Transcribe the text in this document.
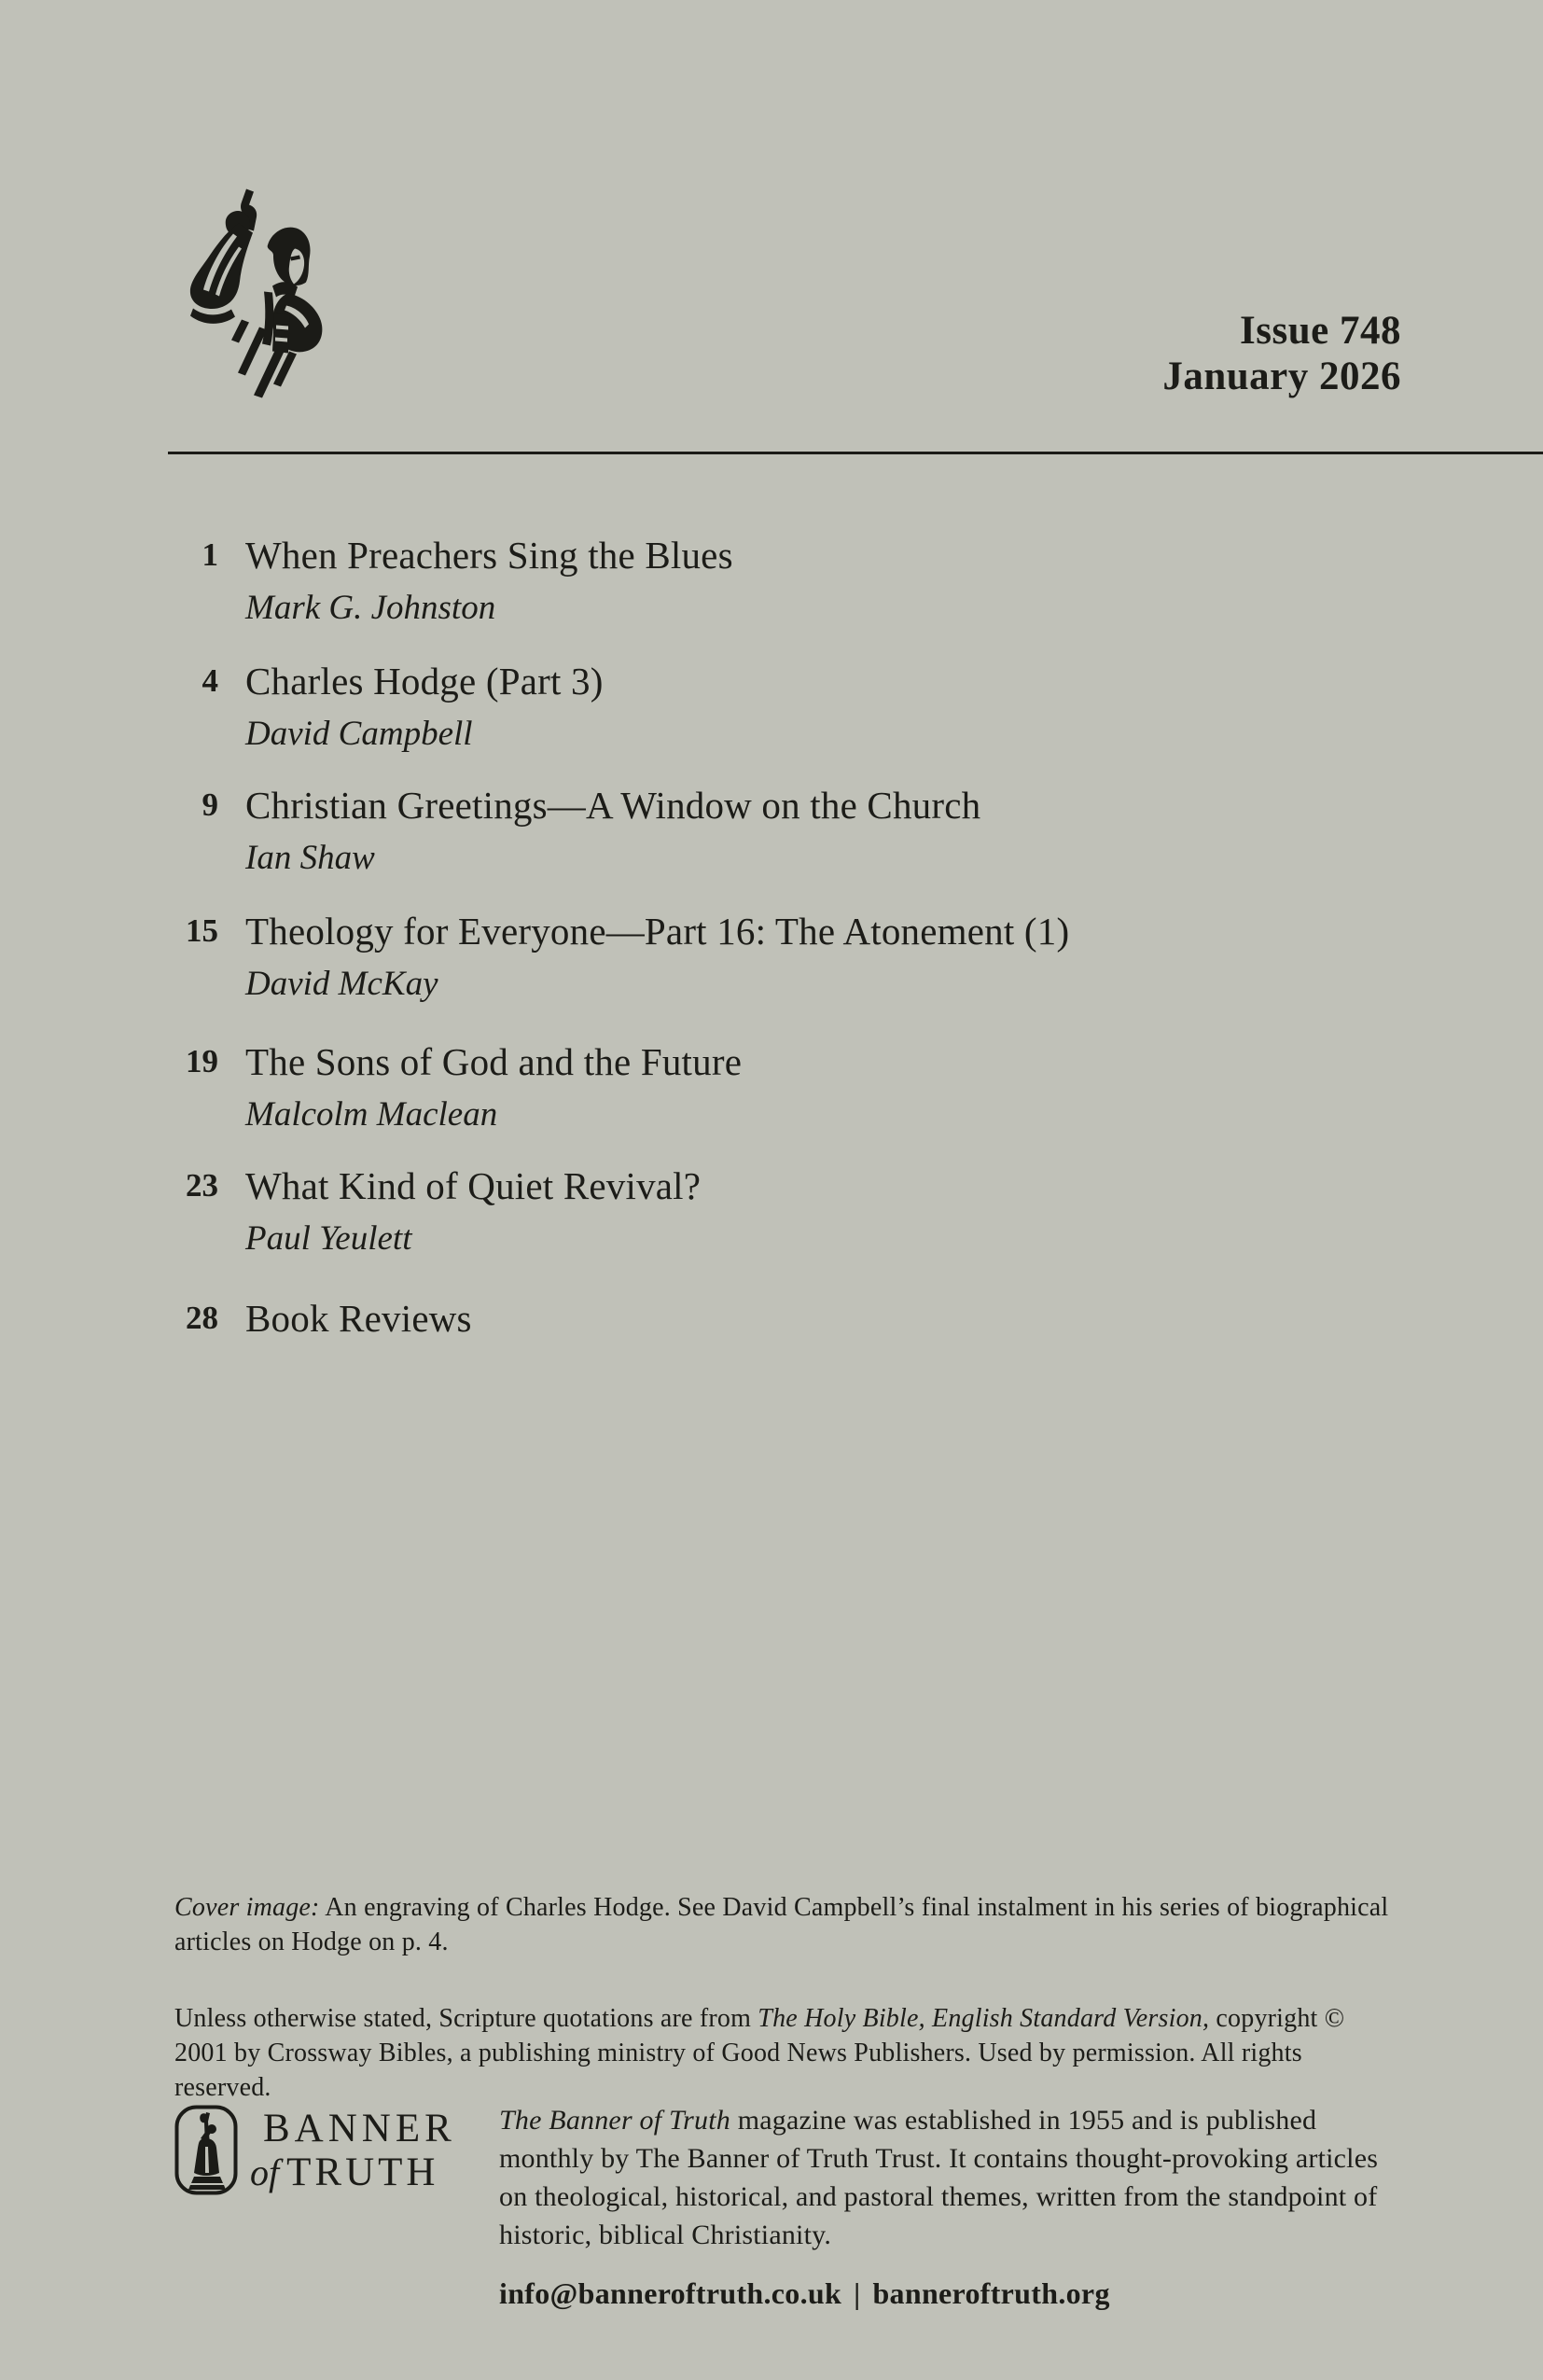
Issue 748
January 2026
1 When Preachers Sing the Blues
Mark G. Johnston
4 Charles Hodge (Part 3)
David Campbell
9 Christian Greetings—A Window on the Church
Ian Shaw
15 Theology for Everyone—Part 16: The Atonement (1)
David McKay
19 The Sons of God and the Future
Malcolm Maclean
23 What Kind of Quiet Revival?
Paul Yeulett
28 Book Reviews

Cover image: An engraving of Charles Hodge. See David Campbell’s final instalment in his series of biographical articles on Hodge on p. 4.

Unless otherwise stated, Scripture quotations are from The Holy Bible, English Standard Version, copyright © 2001 by Crossway Bibles, a publishing ministry of Good News Publishers. Used by permission. All rights reserved.

BANNER
of TRUTH

The Banner of Truth magazine was established in 1955 and is published monthly by The Banner of Truth Trust. It contains thought-provoking articles on theological, historical, and pastoral themes, written from the standpoint of historic, biblical Christianity.

info@banneroftruth.co.uk | banneroftruth.org
